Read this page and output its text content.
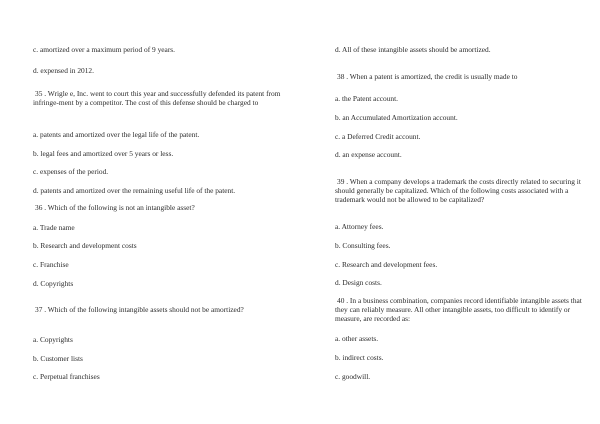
c. amortized over a maximum period of 9 years.
d. expensed in 2012.
35 . Wrigle e, Inc. went to court this year and successfully defended its patent from infringe-ment by a competitor. The cost of this defense should be charged to
a. patents and amortized over the legal life of the patent.
b. legal fees and amortized over 5 years or less.
c. expenses of the period.
d. patents and amortized over the remaining useful life of the patent.
36 . Which of the following is not an intangible asset?
a. Trade name
b. Research and development costs
c. Franchise
d. Copyrights
37 . Which of the following intangible assets should not be amortized?
a. Copyrights
b. Customer lists
c. Perpetual franchises
d. All of these intangible assets should be amortized.
38 . When a patent is amortized, the credit is usually made to
a. the Patent account.
b. an Accumulated Amortization account.
c. a Deferred Credit account.
d. an expense account.
39 . When a company develops a trademark the costs directly related to securing it should generally be capitalized. Which of the following costs associated with a trademark would not be allowed to be capitalized?
a. Attorney fees.
b. Consulting fees.
c. Research and development fees.
d. Design costs.
40 . In a business combination, companies record identifiable intangible assets that they can reliably measure. All other intangible assets, too difficult to identify or measure, are recorded as:
a. other assets.
b. indirect costs.
c. goodwill.
